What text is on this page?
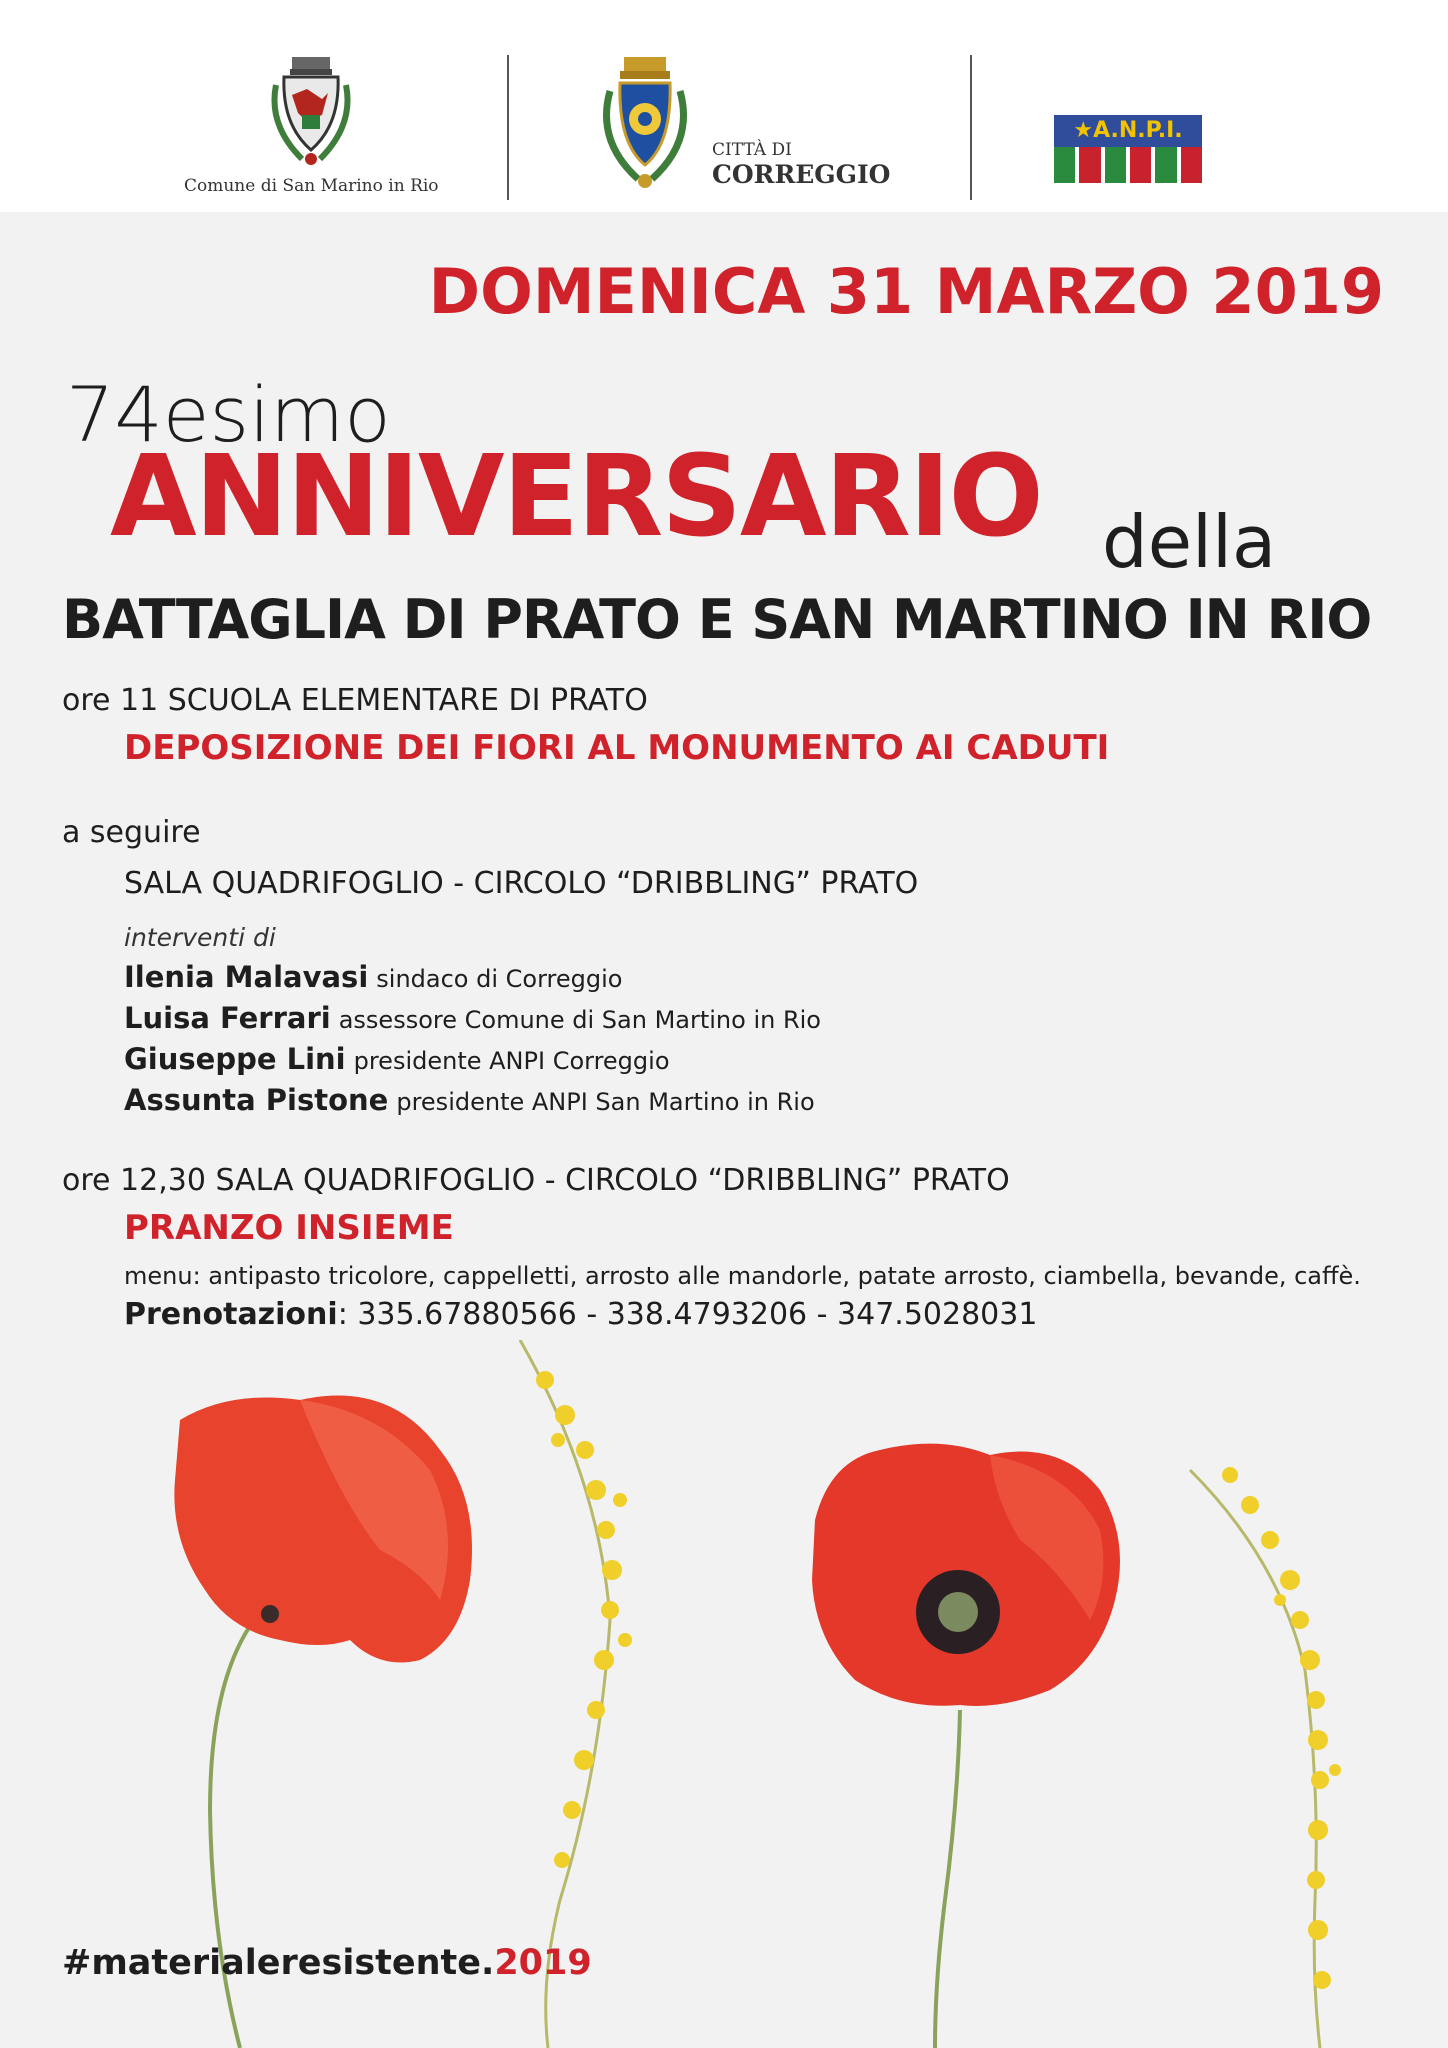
Comune di San Marino in Rio
CITTÀ DI
CORREGGIO
★A.N.P.I.
DOMENICA 31 MARZO 2019
74esimo
ANNIVERSARIO della
BATTAGLIA DI PRATO E SAN MARTINO IN RIO
ore 11 SCUOLA ELEMENTARE DI PRATO
DEPOSIZIONE DEI FIORI AL MONUMENTO AI CADUTI
a seguire
SALA QUADRIFOGLIO - CIRCOLO “DRIBBLING” PRATO
interventi di
Ilenia Malavasi sindaco di Correggio
Luisa Ferrari assessore Comune di San Martino in Rio
Giuseppe Lini presidente ANPI Correggio
Assunta Pistone presidente ANPI San Martino in Rio
ore 12,30 SALA QUADRIFOGLIO - CIRCOLO “DRIBBLING” PRATO
PRANZO INSIEME
menu: antipasto tricolore, cappelletti, arrosto alle mandorle, patate arrosto, ciambella, bevande, caffè.
Prenotazioni: 335.67880566 - 338.4793206 - 347.5028031
#materialeresistente.2019
